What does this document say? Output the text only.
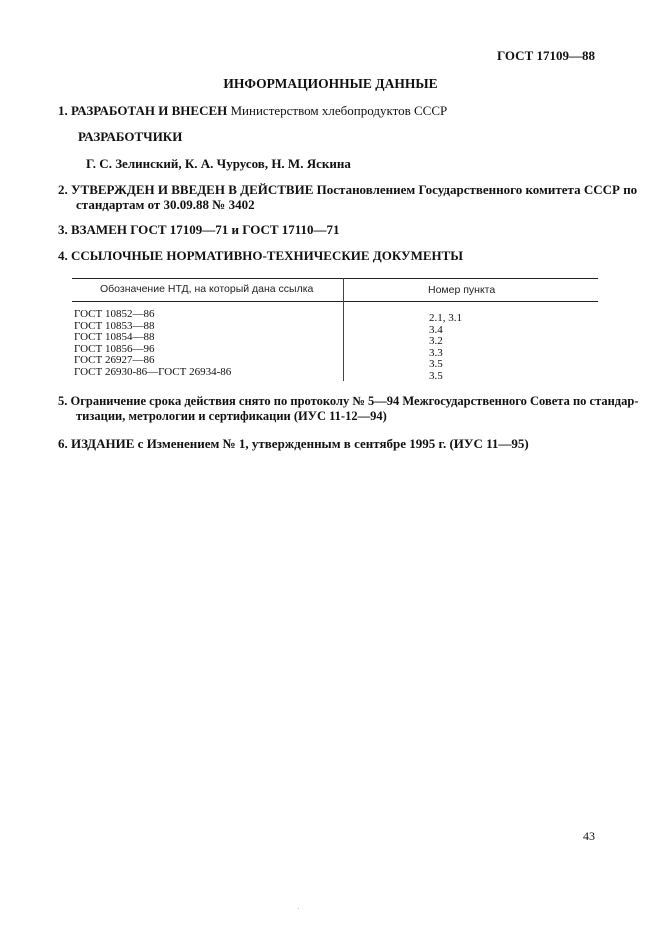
ГОСТ 17109—88
ИНФОРМАЦИОННЫЕ ДАННЫЕ
1. РАЗРАБОТАН И ВНЕСЕН Министерством хлебопродуктов СССР
РАЗРАБОТЧИКИ
Г. С. Зелинский, К. А. Чурусов, Н. М. Яскина
2. УТВЕРЖДЕН И ВВЕДЕН В ДЕЙСТВИЕ Постановлением Государственного комитета СССР по
стандартам от 30.09.88 № 3402
3. ВЗАМЕН ГОСТ 17109—71 и ГОСТ 17110—71
4. ССЫЛОЧНЫЕ НОРМАТИВНО-ТЕХНИЧЕСКИЕ ДОКУМЕНТЫ
Обозначение НТД, на который дана ссылка	Номер пункта
ГОСТ 10852—86
ГОСТ 10853—88
ГОСТ 10854—88
ГОСТ 10856—96
ГОСТ 26927—86
ГОСТ 26930-86—ГОСТ 26934-86
2.1, 3.1
3.4
3.2
3.3
3.5
3.5
5. Ограничение срока действия снято по протоколу № 5—94 Межгосударственного Совета по стандар-
тизации, метрологии и сертификации (ИУС 11-12—94)
6. ИЗДАНИЕ с Изменением № 1, утвержденным в сентябре 1995 г. (ИУС 11—95)
43
